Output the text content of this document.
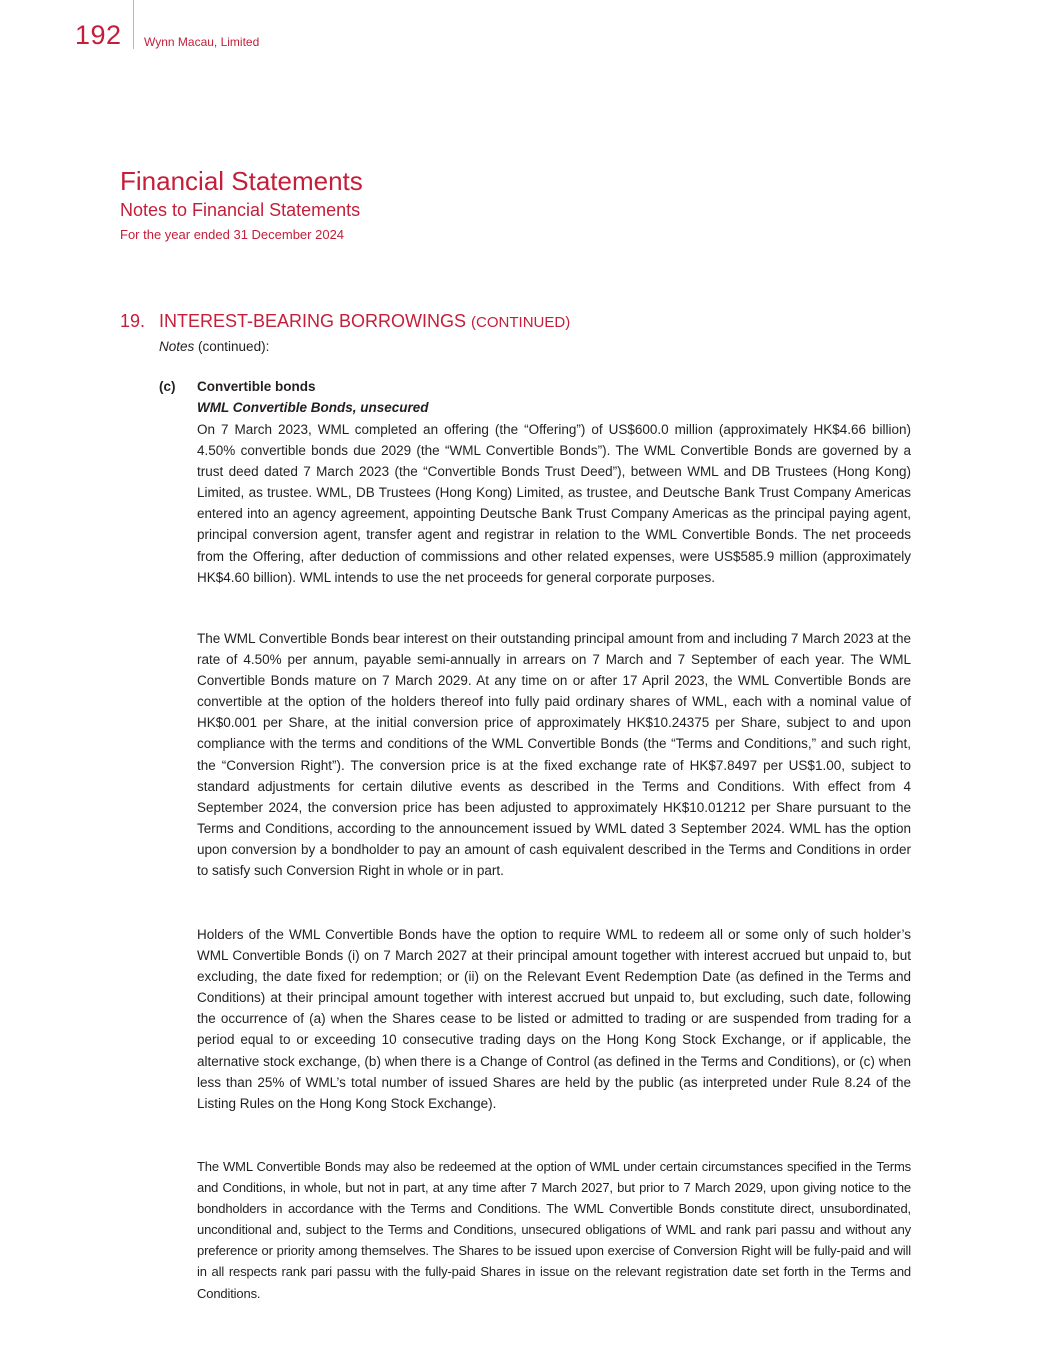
192 Wynn Macau, Limited
Financial Statements
Notes to Financial Statements
For the year ended 31 December 2024
19. INTEREST-BEARING BORROWINGS (CONTINUED)
Notes (continued):
(c) Convertible bonds
WML Convertible Bonds, unsecured

On 7 March 2023, WML completed an offering (the “Offering”) of US$600.0 million (approximately HK$4.66 billion) 4.50% convertible bonds due 2029 (the “WML Convertible Bonds”). The WML Convertible Bonds are governed by a trust deed dated 7 March 2023 (the “Convertible Bonds Trust Deed”), between WML and DB Trustees (Hong Kong) Limited, as trustee. WML, DB Trustees (Hong Kong) Limited, as trustee, and Deutsche Bank Trust Company Americas entered into an agency agreement, appointing Deutsche Bank Trust Company Americas as the principal paying agent, principal conversion agent, transfer agent and registrar in relation to the WML Convertible Bonds. The net proceeds from the Offering, after deduction of commissions and other related expenses, were US$585.9 million (approximately HK$4.60 billion). WML intends to use the net proceeds for general corporate purposes.

The WML Convertible Bonds bear interest on their outstanding principal amount from and including 7 March 2023 at the rate of 4.50% per annum, payable semi-annually in arrears on 7 March and 7 September of each year. The WML Convertible Bonds mature on 7 March 2029. At any time on or after 17 April 2023, the WML Convertible Bonds are convertible at the option of the holders thereof into fully paid ordinary shares of WML, each with a nominal value of HK$0.001 per Share, at the initial conversion price of approximately HK$10.24375 per Share, subject to and upon compliance with the terms and conditions of the WML Convertible Bonds (the “Terms and Conditions,” and such right, the “Conversion Right”). The conversion price is at the fixed exchange rate of HK$7.8497 per US$1.00, subject to standard adjustments for certain dilutive events as described in the Terms and Conditions. With effect from 4 September 2024, the conversion price has been adjusted to approximately HK$10.01212 per Share pursuant to the Terms and Conditions, according to the announcement issued by WML dated 3 September 2024. WML has the option upon conversion by a bondholder to pay an amount of cash equivalent described in the Terms and Conditions in order to satisfy such Conversion Right in whole or in part.

Holders of the WML Convertible Bonds have the option to require WML to redeem all or some only of such holder’s WML Convertible Bonds (i) on 7 March 2027 at their principal amount together with interest accrued but unpaid to, but excluding, the date fixed for redemption; or (ii) on the Relevant Event Redemption Date (as defined in the Terms and Conditions) at their principal amount together with interest accrued but unpaid to, but excluding, such date, following the occurrence of (a) when the Shares cease to be listed or admitted to trading or are suspended from trading for a period equal to or exceeding 10 consecutive trading days on the Hong Kong Stock Exchange, or if applicable, the alternative stock exchange, (b) when there is a Change of Control (as defined in the Terms and Conditions), or (c) when less than 25% of WML’s total number of issued Shares are held by the public (as interpreted under Rule 8.24 of the Listing Rules on the Hong Kong Stock Exchange).

The WML Convertible Bonds may also be redeemed at the option of WML under certain circumstances specified in the Terms and Conditions, in whole, but not in part, at any time after 7 March 2027, but prior to 7 March 2029, upon giving notice to the bondholders in accordance with the Terms and Conditions. The WML Convertible Bonds constitute direct, unsubordinated, unconditional and, subject to the Terms and Conditions, unsecured obligations of WML and rank pari passu and without any preference or priority among themselves. The Shares to be issued upon exercise of Conversion Right will be fully-paid and will in all respects rank pari passu with the fully-paid Shares in issue on the relevant registration date set forth in the Terms and Conditions.
